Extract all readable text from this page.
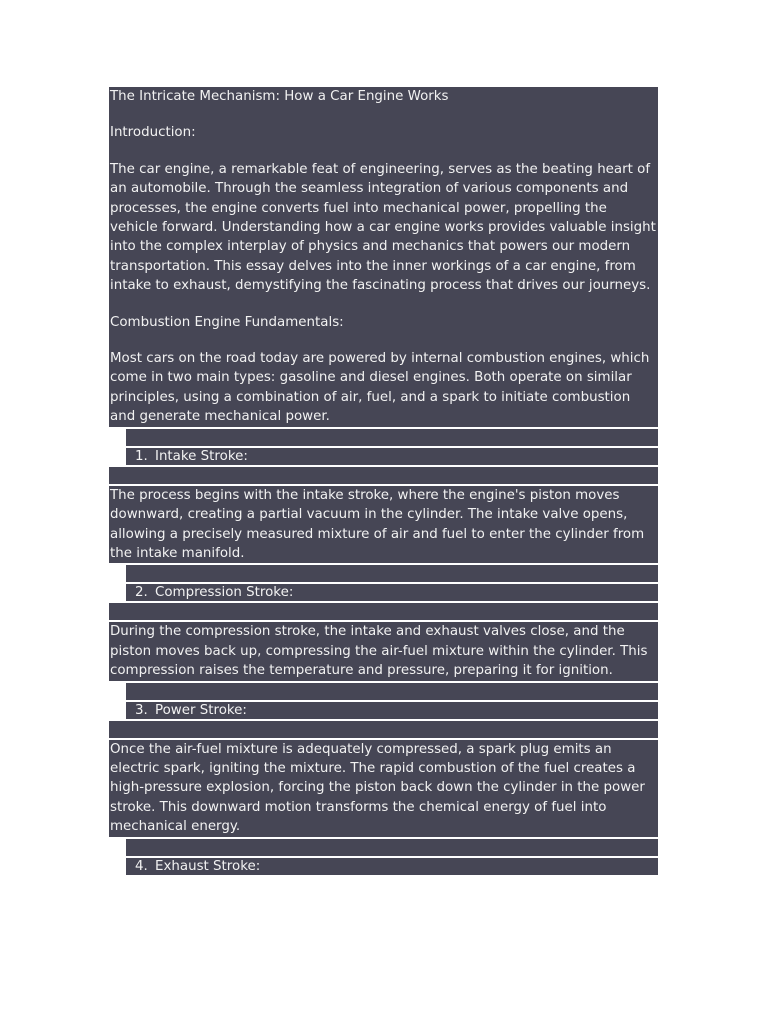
The Intricate Mechanism: How a Car Engine Works
Introduction:
The car engine, a remarkable feat of engineering, serves as the beating heart of an automobile. Through the seamless integration of various components and processes, the engine converts fuel into mechanical power, propelling the vehicle forward. Understanding how a car engine works provides valuable insight into the complex interplay of physics and mechanics that powers our modern transportation. This essay delves into the inner workings of a car engine, from intake to exhaust, demystifying the fascinating process that drives our journeys.
Combustion Engine Fundamentals:
Most cars on the road today are powered by internal combustion engines, which come in two main types: gasoline and diesel engines. Both operate on similar principles, using a combination of air, fuel, and a spark to initiate combustion and generate mechanical power.
1. Intake Stroke:
The process begins with the intake stroke, where the engine's piston moves downward, creating a partial vacuum in the cylinder. The intake valve opens, allowing a precisely measured mixture of air and fuel to enter the cylinder from the intake manifold.
2. Compression Stroke:
During the compression stroke, the intake and exhaust valves close, and the piston moves back up, compressing the air-fuel mixture within the cylinder. This compression raises the temperature and pressure, preparing it for ignition.
3. Power Stroke:
Once the air-fuel mixture is adequately compressed, a spark plug emits an electric spark, igniting the mixture. The rapid combustion of the fuel creates a high-pressure explosion, forcing the piston back down the cylinder in the power stroke. This downward motion transforms the chemical energy of fuel into mechanical energy.
4. Exhaust Stroke:
